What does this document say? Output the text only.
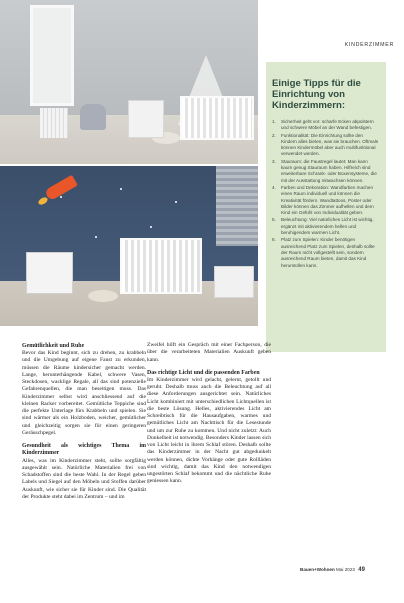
KINDERZIMMER
Einige Tipps für die Einrichtung von Kinderzimmern:
1. Sicherheit geht vor: scharfe Ecken abpolstern und schwere Möbel an der Wand befestigen.
2. Funktionalität: Die Einrichtung sollte den Kindern alles bieten, was sie brauchen. Oftmals können Kindermöbel aber auch multifunktional verwendet werden.
3. Stauraum: die Faustregel lautet: Man kann kaum genug Stauraum haben. Hilfreich sind erweiterbare Schrank- oder Boxensysteme, die mit der Ausstattung mitwachsen können.
4. Farben und Dekoration: Wandfarben machen einen Raum individuell und können die Kreativität fördern. Wandtattoos, Poster oder Bilder können das Zimmer aufhellen und dem Kind ein Gefühl von Individualität geben.
5. Beleuchtung: Viel natürliches Licht ist wichtig, ergänzt mit aktivierendem hellen und beruhigendem warmen Licht.
6. Platz zum Spielen: Kinder benötigen ausreichend Platz zum Spielen, deshalb sollte der Raum nicht vollgestellt sein, sondern ausreichend Raum bieten, damit das Kind herumtollen kann.
Gemütlichkeit und Ruhe

Bevor das Kind beginnt, sich zu drehen, zu krabbeln und die Umgebung auf eigene Faust zu erkunden, müssen die Räume kindersicher gemacht werden. Lange, herunterhängende Kabel, schwere Vasen, Steckdosen, wacklige Regale, all das sind potenzielle Gefahrenquellen, die man beseitigen muss. Das Kinderzimmer selbst wird anschliessend auf die kleinen Racker vorbereitet. Gemütliche Teppiche sind die perfekte Unterlage fürs Krabbeln und spielen. Sie sind wärmer als ein Holzboden, weicher, gemütlicher und gleichzeitig sorgen sie für einen geringeren Geräuschpegel.

Gesundheit als wichtiges Thema im Kinderzimmer

Alles, was im Kinderzimmer steht, sollte sorgfältig ausgewählt sein. Natürliche Materialien frei von Schadstoffen sind die beste Wahl. In der Regel geben Labels und Siegel auf den Möbeln und Stoffen darüber Auskunft, wie sicher sie für Kinder sind. Die Qualität der Produkte steht dabei im Zentrum – und im

Zweifel hilft ein Gespräch mit einer Fachperson, die über die verarbeiteten Materialien Auskunft geben kann.

Das richtige Licht und die passenden Farben

Im Kinderzimmer wird gelacht, gelernt, getollt und geruht. Deshalb muss auch die Beleuchtung auf all diese Anforderungen ausgerichtet sein. Natürliches Licht kombiniert mit unterschiedlichen Lichtquellen ist die beste Lösung. Helles, aktivierendes Licht am Schreibtisch für die Hausaufgaben, warmes und gemütliches Licht am Nachttisch für die Lesestunde und um zur Ruhe zu kommen. Und nicht zuletzt: Auch Dunkelheit ist notwendig. Besonders Kinder lassen sich von Licht leicht in ihrem Schlaf stören. Deshalb sollte das Kinderzimmer in der Nacht gut abgedunkelt werden können, dichte Vorhänge oder gute Rollläden sind wichtig, damit das Kind den notwendigen ungestörten Schlaf bekommt und die nächtliche Ruhe geniessen kann.

Bauen+Wohnen Mai 2023 49
